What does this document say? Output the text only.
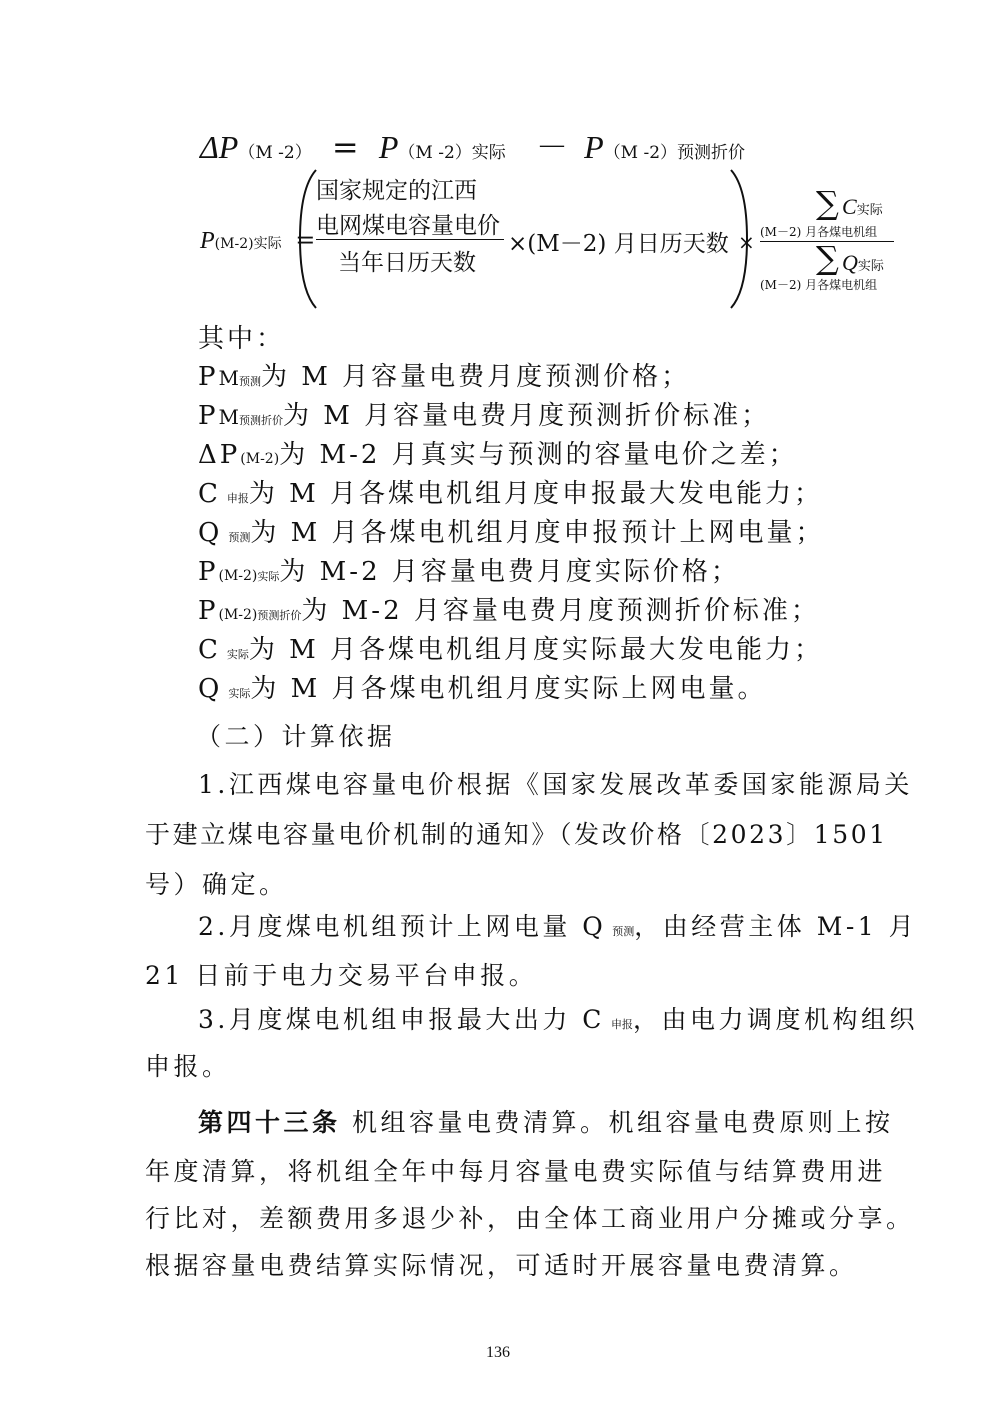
ΔP（M -2） = P（M -2）实际 － P（M -2）预测折价
P(M-2)实际 =
国家规定的江西
电网煤电容量电价
当年日历天数
×(M－2) 月日历天数 ×
∑ C实际
(M－2) 月各煤电机组
∑ Q实际
(M－2) 月各煤电机组
其中：
PM预测为 M 月容量电费月度预测价格；
PM预测折价为 M 月容量电费月度预测折价标准；
ΔP(M-2)为 M-2 月真实与预测的容量电价之差；
C申报为 M 月各煤电机组月度申报最大发电能力；
Q预测为 M 月各煤电机组月度申报预计上网电量；
P(M-2)实际为 M-2 月容量电费月度实际价格；
P(M-2)预测折价为 M-2 月容量电费月度预测折价标准；
C实际为 M 月各煤电机组月度实际最大发电能力；
Q实际为 M 月各煤电机组月度实际上网电量。
（二）计算依据
1.江西煤电容量电价根据《国家发展改革委国家能源局关
于建立煤电容量电价机制的通知》（发改价格〔2023〕1501
号）确定。
2.月度煤电机组预计上网电量 Q 预测，由经营主体 M-1 月
21 日前于电力交易平台申报。
3.月度煤电机组申报最大出力 C 申报，由电力调度机构组织
申报。
第四十三条 机组容量电费清算。机组容量电费原则上按
年度清算，将机组全年中每月容量电费实际值与结算费用进
行比对，差额费用多退少补，由全体工商业用户分摊或分享。
根据容量电费结算实际情况，可适时开展容量电费清算。
136
